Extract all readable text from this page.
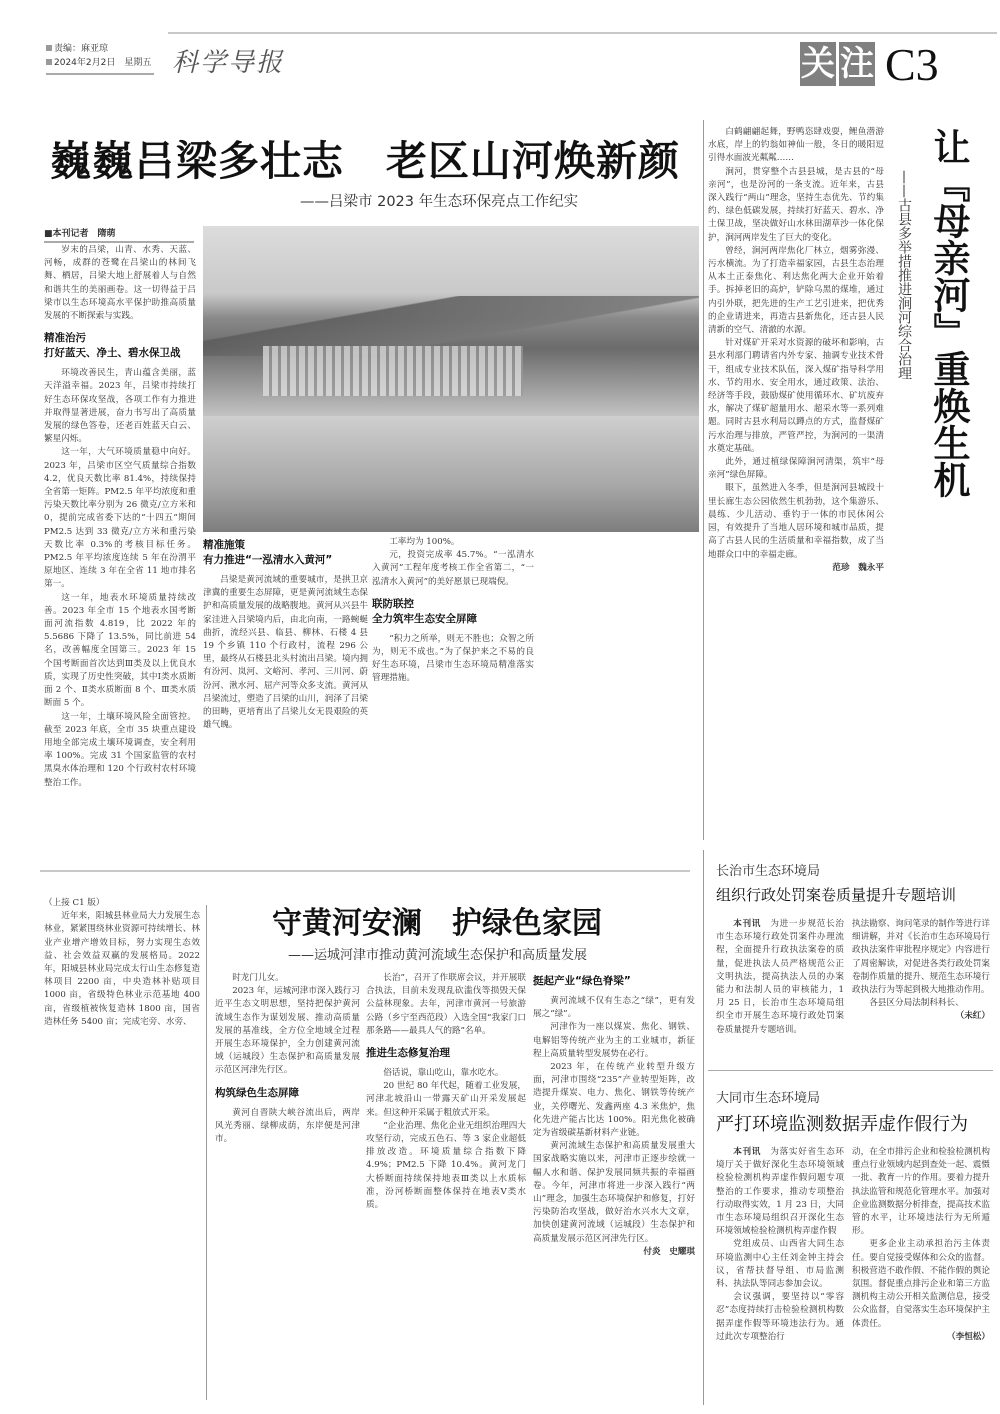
责编：麻亚琼
2024年2月2日　星期五 科学导报	关 注 C3
巍巍吕梁多壮志　老区山河焕新颜
——吕梁市 2023 年生态环保亮点工作纪实
■本刊记者　隋萌

岁末的吕梁，山青、水秀、天蓝、河畅，成群的苍鹭在吕梁山的林间飞舞、栖居，吕梁大地上舒展着人与自然和谐共生的美丽画卷。这一切得益于吕梁市以生态环境高水平保护助推高质量发展的不断探索与实践。

精准治污
打好蓝天、净土、碧水保卫战

环境改善民生，青山蕴含美丽，蓝天洋溢幸福。2023 年，吕梁市持续打好生态环保攻坚战，各项工作有力推进并取得显著进展，奋力书写出了高质量发展的绿色答卷，还老百姓蓝天白云、繁星闪烁。

这一年，大气环境质量稳中向好。2023 年，吕梁市区空气质量综合指数 4.2，优良天数比率 81.4%，持续保持全省第一矩阵。PM2.5 年平均浓度和重污染天数比率分别为 26 微克/立方米和 0，提前完成省委下达的“十四五”期间 PM2.5 达到 33 微克/立方米和重污染天数比率 0.3%的考核目标任务。PM2.5 年平均浓度连续 5 年在汾渭平原地区、连续 3 年在全省 11 地市排名第一。

这一年，地表水环境质量持续改善。2023 年全市 15 个地表水国考断面河流指数 4.819，比 2022 年的 5.5686 下降了 13.5%，同比前进 54 名，改善幅度全国第三。2023 年 15 个国考断面首次达到Ⅲ类及以上优良水质，实现了历史性突破，其中Ⅰ类水质断面 2 个、Ⅱ类水质断面 8 个、Ⅲ类水质断面 5 个。

这一年，土壤环境风险全面管控。截至 2023 年底，全市 35 块重点建设用地全部完成土壤环境调查，安全利用率 100%。完成 31 个国家监管的农村黑臭水体治理和 120 个行政村农村环境整治工作。

精准施策
有力推进“一泓清水入黄河”

吕梁是黄河流域的重要城市，是拱卫京津冀的重要生态屏障，更是黄河流域生态保护和高质量发展的战略腹地。黄河从兴县牛家洼进入吕梁境内后，由北向南，一路蜿蜒曲折，流经兴县、临县、柳林、石楼 4 县 19 个乡镇 110 个行政村，流程 296 公里，最终从石楼县北头村流出吕梁。境内拥有汾河、岚河、文峪河、孝河、三川河、蔚汾河、湫水河、屈产河等众多支流。黄河从吕梁流过，塑造了吕梁的山川，润泽了吕梁的田畴，更培育出了吕梁儿女无畏艰险的英雄气魄。

工率均为 100%。

元，投资完成率 45.7%。“一泓清水入黄河”工程年度考核工作全省第二，“一泓清水入黄河”的美好愿景已现端倪。

联防联控
全力筑牢生态安全屏障

“积力之所举，则无不胜也；众智之所为，则无不成也。”为了保护来之不易的良好生态环境，吕梁市生态环境局精准落实管理措施。

白鹤翩翩起舞，野鸭恣肆戏耍，鲤鱼潜游水底，岸上的钓翁如神仙一般，冬日的暖阳逗引得水面波光粼粼……

涧河，贯穿整个古县县城，是古县的“母亲河”，也是汾河的一条支流。近年来，古县深入践行“两山”理念，坚持生态优先、节约集约、绿色低碳发展，持续打好蓝天、碧水、净土保卫战，坚决做好山水林田湖草沙一体化保护，涧河两岸发生了巨大的变化。

曾经，涧河两岸焦化厂林立，烟雾弥漫、污水横流。为了打造幸福家园，古县生态治理从本土正泰焦化、利达焦化两大企业开始着手。拆掉老旧的高炉，铲除乌黑的煤堆，通过内引外联，把先进的生产工艺引进来，把优秀的企业请进来，再造古县新焦化，还古县人民清新的空气、清澈的水源。

针对煤矿开采对水资源的破坏和影响，古县水利部门聘请省内外专家、抽调专业技术骨干，组成专业技术队伍，深入煤矿指导科学用水、节约用水、安全用水，通过政策、法治、经济等手段，鼓励煤矿使用循环水、矿坑废弃水，解决了煤矿超量用水、超采水等一系列难题。同时古县水利局以蹲点的方式，监督煤矿污水治理与排放，严管严控，为涧河的一渠清水奠定基础。

此外，通过植绿保障涧河清渠，筑牢“母亲河”绿色屏障。

眼下，虽然进入冬季，但是涧河县城段十里长廊生态公园依然生机勃勃，这个集游乐、晨练、少儿活动、垂钓于一体的市民休闲公园，有效提升了当地人居环境和城市品质，提高了古县人民的生活质量和幸福指数，成了当地群众口中的幸福走廊。

范珍　魏永平

——古县多举措推进涧河综合治理 让『母亲河』重焕生机

（上接 C1 版）

近年来，阳城县林业局大力发展生态林业，紧紧围绕林业资源可持续增长、林业产业增产增效目标，努力实现生态效益、社会效益双赢的发展格局。2022 年，阳城县林业局完成太行山生态修复造林项目 2200 亩，中央造林补贴项目 1000 亩，省级特色林业示范基地 400 亩，省级植被恢复造林 1800 亩，国省造林任务 5400 亩；完成宅旁、水旁、

守黄河安澜　护绿色家园
——运城河津市推动黄河流域生态保护和高质量发展

时龙门儿女。

2023 年，运城河津市深入践行习近平生态文明思想，坚持把保护黄河流域生态作为谋划发展、推动高质量发展的基准线，全方位全地域全过程开展生态环境保护，全力创建黄河流域（运城段）生态保护和高质量发展示范区河津先行区。

构筑绿色生态屏障

黄河自晋陕大峡谷流出后，两岸风光秀丽、绿柳成荫，东岸便是河津市。

长治”，召开了作联席会议，并开展联合执法，目前未发现乱砍滥伐等损毁天保公益林现象。去年，河津市黄河一号旅游公路（乡宁至西范段）入选全国“我家门口那条路——最具人气的路”名单。

推进生态修复治理

俗话说，靠山吃山，靠水吃水。

20 世纪 80 年代起，随着工业发展，河津北坡沿山一带露天矿山开采发展起来。但这种开采属于粗放式开采。

“企业治理、焦化企业无组织治理四大攻坚行动，完成五色石、等 3 家企业超低排放改造。环境质量综合指数下降 4.9%；PM2.5 下降 10.4%。黄河龙门大桥断面持续保持地表Ⅲ类以上水质标准，汾河桥断面整体保持在地表Ⅴ类水质。

挺起产业“绿色脊梁”

黄河流域不仅有生态之“绿”，更有发展之“绿”。

河津作为一座以煤炭、焦化、钢铁、电解铝等传统产业为主的工业城市，新征程上高质量转型发展势在必行。

2023 年，在传统产业转型升级方面，河津市围绕“235”产业转型矩阵，改造提升煤炭、电力、焦化、钢铁等传统产业，关停曙光、发鑫两座 4.3 米焦炉，焦化先进产能占比达 100%。阳光焦化被确定为省级碳基新材料产业链。

黄河流域生态保护和高质量发展重大国家战略实施以来，河津市正逐步绘就一幅人水和谐、保护发展同频共振的幸福画卷。今年，河津市将进一步深入践行“两山”理念，加强生态环境保护和修复，打好污染防治攻坚战，做好治水兴水大文章，加快创建黄河流域（运城段）生态保护和高质量发展示范区河津先行区。

付炎　史耀琪

长治市生态环境局
组织行政处罚案卷质量提升专题培训

本刊讯　 为进一步规范长治市生态环境行政处罚案件办理流程，全面提升行政执法案卷的质量，促进执法人员严格规范公正文明执法，提高执法人员的办案能力和法制人员的审核能力，1 月 25 日，长治市生态环境局组织全市开展生态环境行政处罚案卷质量提升专题培训。

执法勘察、询问笔录的制作等进行详细讲解，并对《长治市生态环境局行政执法案件审批程序规定》内容进行了周密解读，对促进各类行政处罚案卷制作质量的提升、规范生态环境行政执法行为等起到极大地推动作用。

各县区分局法制科科长、

（未红）

大同市生态环境局
严打环境监测数据弄虚作假行为

本刊讯　 为落实好省生态环境厅关于做好深化生态环境领域检验检测机构弄虚作假问题专项整治的工作要求，推动专项整治行动取得实效，1 月 23 日，大同市生态环境局组织召开深化生态环境领域检验检测机构弄虚作假

党组成员、山西省大同生态环境监测中心主任刘金钟主持会议，省帮扶督导组、市局监测科、执法队等同志参加会议。

会议强调，要坚持以“零容忍”态度持续打击检验检测机构数据弄虚作假等环境违法行为。通过此次专项整治行

动，在全市排污企业和检验检测机构重点行业领域内起到查处一起、震慑一批、教育一片的作用。要着力提升执法监管和规范化管理水平。加强对企业监测数据分析排查，提高技术监管的水平，让环境违法行为无所遁形。

更多企业主动承担治污主体责任。要自觉接受媒体和公众的监督。积极营造不敢作假、不能作假的舆论氛围。督促重点排污企业和第三方监测机构主动公开相关监测信息，接受公众监督，自觉落实生态环境保护主体责任。

（李恒松）
